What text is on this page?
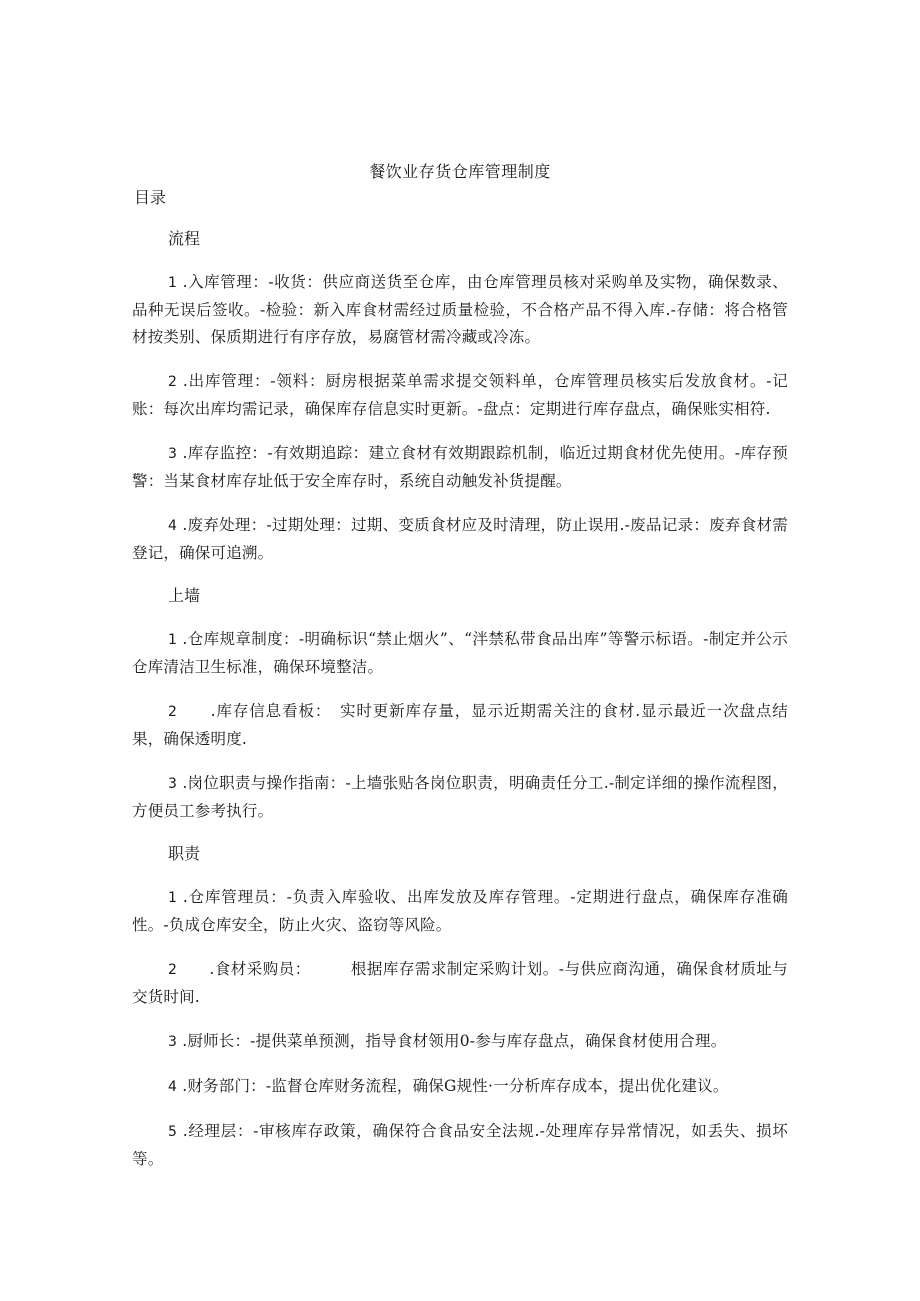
餐饮业存货仓库管理制度
目录
流程

1 .入库管理：-收货：供应商送货至仓库，由仓库管理员核对采购单及实物，确保数录、品种无误后签收。-检验：新入库食材需经过质量检验，不合格产品不得入库.-存储：将合格管材按类别、保质期进行有序存放，易腐管材需冷藏或冷冻。

2 .出库管理：-领料：厨房根据菜单需求提交领料单，仓库管理员核实后发放食材。-记账：每次出库均需记录，确保库存信息实时更新。-盘点：定期进行库存盘点，确保账实相符.

3 .库存监控：-有效期追踪：建立食材有效期跟踪机制，临近过期食材优先使用。-库存预警：当某食材库存址低于安全库存时，系统自动触发补货提醒。

4 .废弃处理：-过期处理：过期、变质食材应及时清理，防止误用.-废品记录：废弃食材需登记，确保可追溯。

上墙

1 .仓库规章制度：-明确标识“禁止烟火”、“泮禁私带食品出库”等警示标语。-制定并公示仓库清洁卫生标准，确保环境整洁。

2　　.库存信息看板：　实时更新库存量，显示近期需关注的食材.显示最近一次盘点结果，确保透明度.

3 .岗位职责与操作指南：-上墙张贴各岗位职责，明确责任分工.-制定详细的操作流程图，方便员工参考执行。

职责

1 .仓库管理员：-负责入库验收、出库发放及库存管理。-定期进行盘点，确保库存准确性。-负成仓库安全，防止火灾、盗窃等风险。

2　　.食材采购员：　　　根据库存需求制定采购计划。-与供应商沟通，确保食材质址与交货时间.

3 .厨师长：-提供菜单预测，指导食材领用0-参与库存盘点，确保食材使用合理。

4 .财务部门：-监督仓库财务流程，确保G规性·一分析库存成本，提出优化建议。

5 .经理层：-审核库存政策，确保符合食品安全法规.-处理库存异常情况，如丢失、损坏等。
